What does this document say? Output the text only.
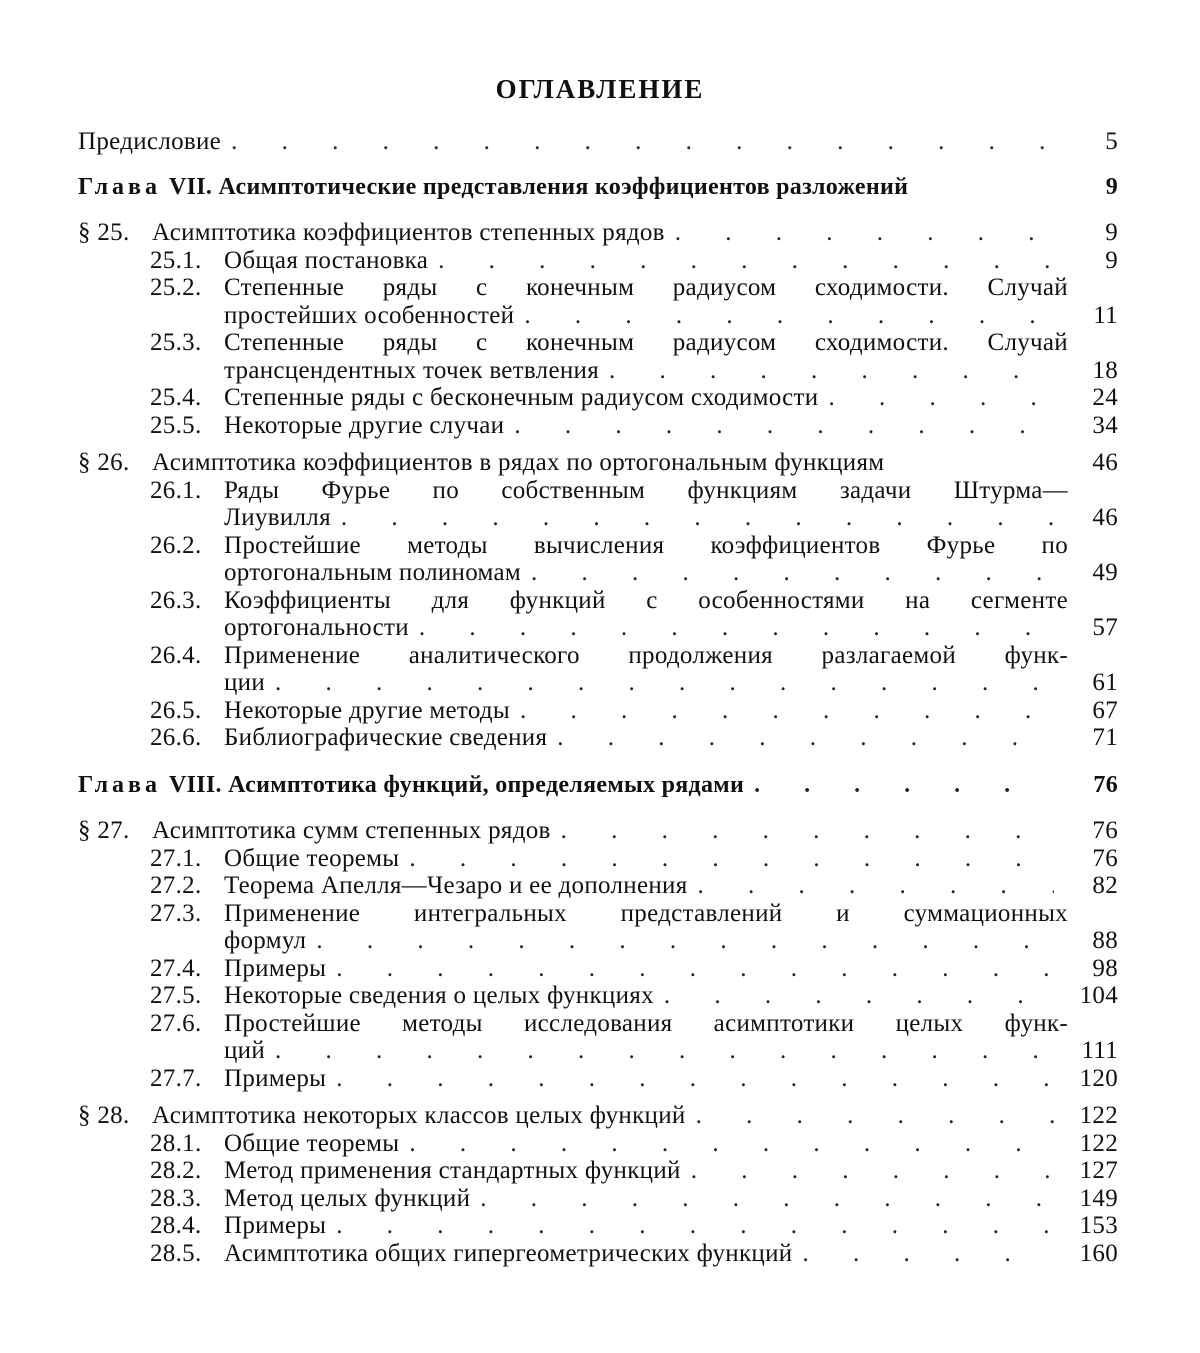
ОГЛАВЛЕНИЕ
Предисловие . . . . . . . . . . . . . . . .	5
Глава VII. Асимптотические представления коэффициентов разложений	9
§ 25. Асимптотика коэффициентов степенных рядов . . . . . . . .	9
25.1. Общая постановка . . . . . . . . . . . .	9
25.2. Степенные ряды с конечным радиусом сходимости. Случай
простейших особенностей . . . . . . . . . . .	11
25.3. Степенные ряды с конечным радиусом сходимости. Случай
трансцендентных точек ветвления . . . . . . . . .	18
25.4. Степенные ряды с бесконечным радиусом сходимости . . . . .	24
25.5. Некоторые другие случаи . . . . . . . . . . .	34
§ 26. Асимптотика коэффициентов в рядах по ортогональным функциям	46
26.1. Ряды Фурье по собственным функциям задачи Штурма—
Лиувилля . . . . . . . . . . . . . .	46
26.2. Простейшие методы вычисления коэффициентов Фурье по
ортогональным полиномам . . . . . . . . . .	49
26.3. Коэффициенты для функций с особенностями на сегменте
ортогональности . . . . . . . . . . . . .	57
26.4. Применение аналитического продолжения разлагаемой функ-
ции . . . . . . . . . . . . . . .	61
26.5. Некоторые другие методы . . . . . . . . . . .	67
26.6. Библиографические сведения . . . . . . . . . .	71
Глава VIII. Асимптотика функций, определяемых рядами . . . . . .	76
§ 27. Асимптотика сумм степенных рядов . . . . . . . . . .	76
27.1. Общие теоремы . . . . . . . . . . . . .	76
27.2. Теорема Апелля—Чезаро и ее дополнения . . . . . . .	82
27.3. Применение интегральных представлений и суммационных
формул . . . . . . . . . . . . . . .	88
27.4. Примеры . . . . . . . . . . . . . .	98
27.5. Некоторые сведения о целых функциях . . . . . . . .	104
27.6. Простейшие методы исследования асимптотики целых функ-
ций . . . . . . . . . . . . . . .	111
27.7. Примеры . . . . . . . . . . . . . .	120
§ 28. Асимптотика некоторых классов целых функций . . . . . . .	122
28.1. Общие теоремы . . . . . . . . . . . . .	122
28.2. Метод применения стандартных функций . . . . . . .	127
28.3. Метод целых функций . . . . . . . . . . .	149
28.4. Примеры . . . . . . . . . . . . . .	153
28.5. Асимптотика общих гипергеометрических функций . . . . .	160
